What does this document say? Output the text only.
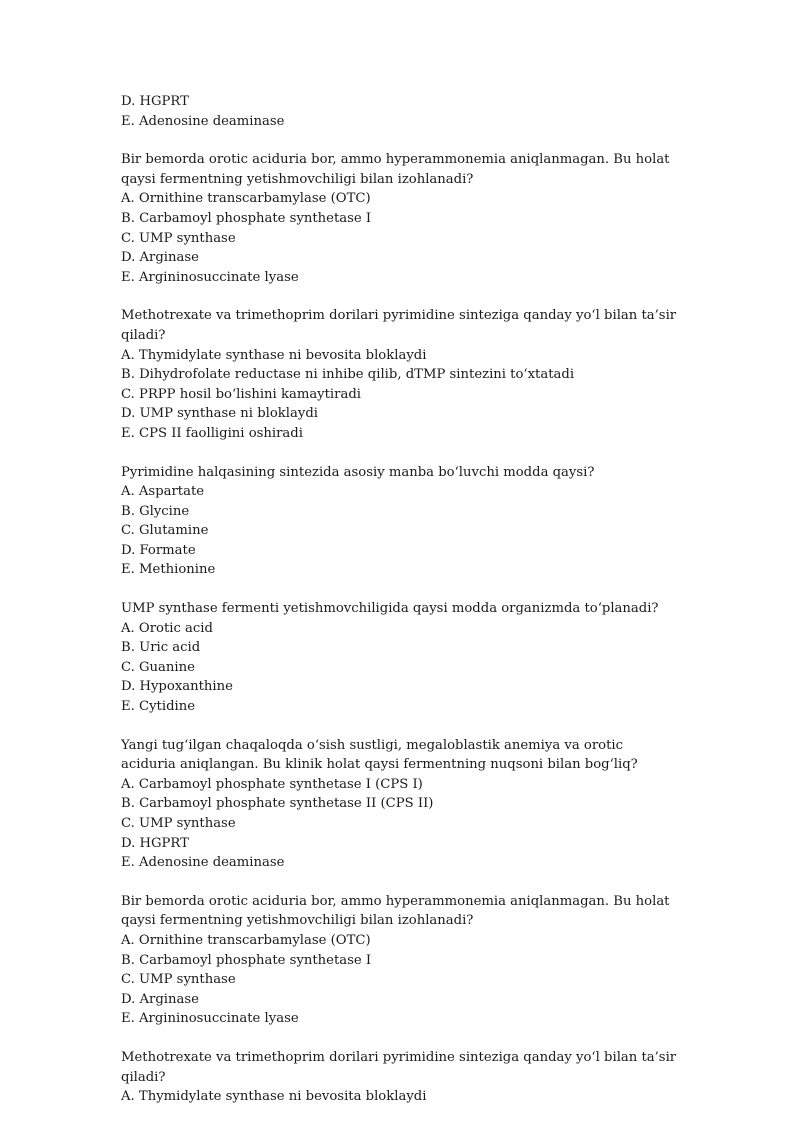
D. HGPRT
E. Adenosine deaminase
Bir bemorda orotic aciduria bor, ammo hyperammonemia aniqlanmagan. Bu holat qaysi fermentning yetishmovchiligi bilan izohlanadi?
A. Ornithine transcarbamylase (OTC)
B. Carbamoyl phosphate synthetase I
C. UMP synthase
D. Arginase
E. Argininosuccinate lyase
Methotrexate va trimethoprim dorilari pyrimidine sinteziga qanday yo‘l bilan ta’sir qiladi?
A. Thymidylate synthase ni bevosita bloklaydi
B. Dihydrofolate reductase ni inhibe qilib, dTMP sintezini to‘xtatadi
C. PRPP hosil bo‘lishini kamaytiradi
D. UMP synthase ni bloklaydi
E. CPS II faolligini oshiradi
Pyrimidine halqasining sintezida asosiy manba bo‘luvchi modda qaysi?
A. Aspartate
B. Glycine
C. Glutamine
D. Formate
E. Methionine
UMP synthase fermenti yetishmovchiligida qaysi modda organizmda to‘planadi?
A. Orotic acid
B. Uric acid
C. Guanine
D. Hypoxanthine
E. Cytidine
Yangi tug‘ilgan chaqaloqda o‘sish sustligi, megaloblastik anemiya va orotic aciduria aniqlangan. Bu klinik holat qaysi fermentning nuqsoni bilan bog‘liq?
A. Carbamoyl phosphate synthetase I (CPS I)
B. Carbamoyl phosphate synthetase II (CPS II)
C. UMP synthase
D. HGPRT
E. Adenosine deaminase
Bir bemorda orotic aciduria bor, ammo hyperammonemia aniqlanmagan. Bu holat qaysi fermentning yetishmovchiligi bilan izohlanadi?
A. Ornithine transcarbamylase (OTC)
B. Carbamoyl phosphate synthetase I
C. UMP synthase
D. Arginase
E. Argininosuccinate lyase
Methotrexate va trimethoprim dorilari pyrimidine sinteziga qanday yo‘l bilan ta’sir qiladi?
A. Thymidylate synthase ni bevosita bloklaydi
